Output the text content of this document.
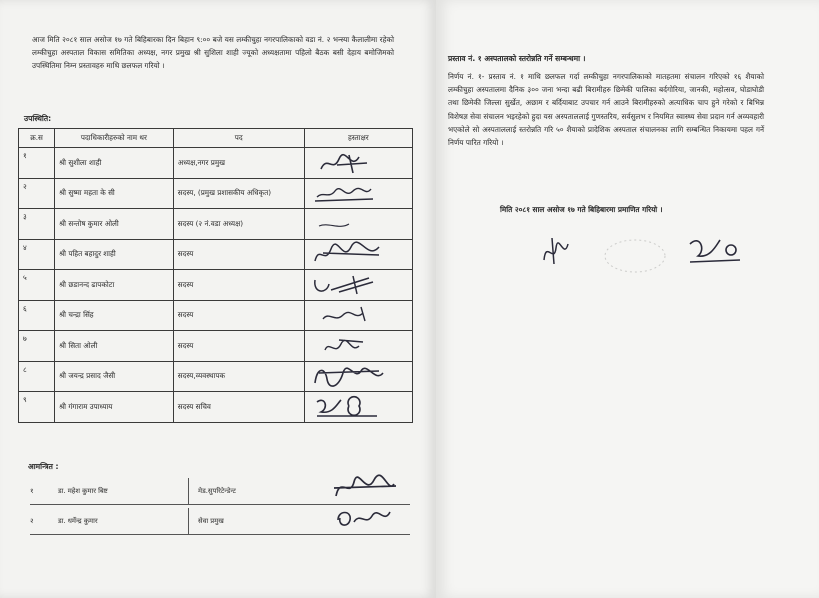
आज मिति २०८१ साल असोज १७ गते बिहिबारका दिन बिहान ९:०० बजे यस लम्कीचुहा नगरपालिकाको वडा नं. २ भन्स्या कैलालीमा रहेको लम्कीचुहा अस्पताल विकास समितिका अध्यक्ष, नगर प्रमुख श्री सुशिला शाही ज्यूको अध्यक्षतामा पहिलो बैठक बसी देहाय बमोजिमको उपस्थितिमा निम्न प्रस्तावहरु माथि छलफल गरियो ।
उपस्थिति:
क्र.स	पदाधिकारीहरुको नाम थर	पद	हस्ताक्षर
१	श्री सुशीला शाही	अध्यक्ष,नगर प्रमुख	

२	श्री सुष्मा महता के सी	सदस्य, (प्रमुख प्रशासकीय अधिकृत)	

३	श्री सन्तोष कुमार ओली	सदस्य (२ नं.वडा अध्यक्ष)	

४	श्री पहित बहादुर शाही	सदस्य	

५	श्री छडानन्द ढापकोटा	सदस्य	

६	श्री चन्द्रा सिंह	सदस्य	

७	श्री सिता ओली	सदस्य	

८	श्री जयन्द्र प्रसाद जैसी	सदस्य,व्यवस्थापक	

९	श्री गंगाराम उपाध्याय	सदस्य सचिव	
आमन्त्रित :
१	डा. महेश कुमार बिष्ट	मेड.सुपरिटेन्डेन्ट
२	डा. धर्मेन्द्र कुमार	सेवा प्रमुख
प्रस्ताव नं. १ अस्पतालको स्तरोन्नति गर्ने सम्बन्धमा ।
निर्णय नं. १- प्रस्ताव नं. १ माथि छलफल गर्दा लम्कीचुहा नगरपालिकाको मातहतमा संचालन गरिएको १६ शैयाको लम्कीचुहा अस्पतालमा दैनिक ३०० जना भन्दा बढी बिरामीहरु छिमेकी पालिका बर्दगोरिया, जानकी, महोत्सव, घोडाघोडी तथा छिमेकी जिल्ला सुर्खेत, अछाम र बर्दियाबाट उपचार गर्न आउने बिरामीहरुको अत्याधिक चाप हुने गरेको र बिभिन्न विशेषज्ञ सेवा संचालन भइरहेको हुदा यस अस्पताललाई गुणस्तरिय, सर्वसुलभ र नियमित स्वास्थ्य सेवा प्रदान गर्न अव्यवहारी भएकोले सो अस्पताललाई स्तरोन्नति गरि ५० शैयाको प्रादेशिक अस्पताल संचालनका लागि सम्बन्धित निकायमा पहल गर्ने निर्णय पारित गरियो ।
मिति २०८१ साल असोज १७ गते बिहिबारमा प्रमाणित गरियो ।
